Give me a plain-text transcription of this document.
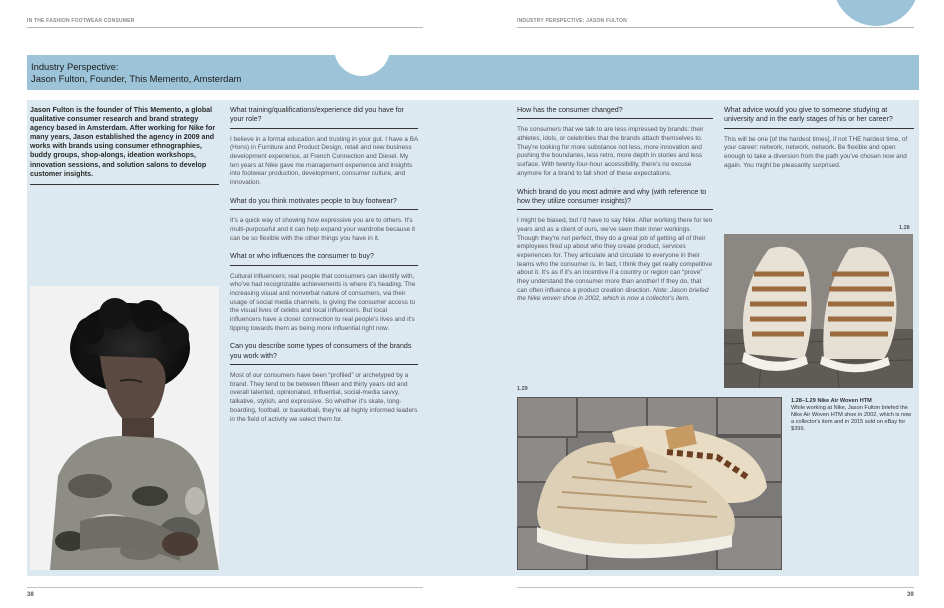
IN THE FASHION FOOTWEAR CONSUMER	INDUSTRY PERSPECTIVE: JASON FULTON
Industry Perspective:
Jason Fulton, Founder, This Memento, Amsterdam
Jason Fulton is the founder of This Memento, a global qualitative consumer research and brand strategy agency based in Amsterdam. After working for Nike for many years, Jason established the agency in 2009 and works with brands using consumer ethnographies, buddy groups, shop-alongs, ideation workshops, innovation sessions, and solution salons to develop customer insights.
What training/qualifications/experience did you have for your role?
I believe in a formal education and trusting in your gut. I have a BA (Hons) in Furniture and Product Design, retail and new business development experience, at French Connection and Diesel. My ten years at Nike gave me management experience and insights into footwear production, development, consumer culture, and innovation.
What do you think motivates people to buy footwear?
It's a quick way of showing how expressive you are to others. It's multi-purposeful and it can help expand your wardrobe because it can be so flexible with the other things you have in it.
What or who influences the consumer to buy?
Cultural influencers; real people that consumers can identify with, who've had recognizable achievements is where it's heading. The increasing visual and nonverbal nature of consumers, via their usage of social media channels, is giving the consumer access to the visual lives of celebs and local influencers. But local influencers have a closer connection to real people's lives and it's tipping towards them as being more influential right now.
Can you describe some types of consumers of the brands you work with?
Most of our consumers have been “profiled” or archetyped by a brand. They tend to be between fifteen and thirty years old and overall talented, opinionated, influential, social-media savvy, talkative, stylish, and expressive. So whether it's skate, long-boarding, football, or basketball, they're all highly informed leaders in the field of activity we select them for.
How has the consumer changed?
The consumers that we talk to are less impressed by brands: their athletes, idols, or celebrities that the brands attach themselves to. They're looking for more substance not less, more innovation and pushing the boundaries, less retro, more depth in stories and less surface. With twenty-four-hour accessibility, there's no excuse anymore for a brand to fall short of these expectations.
Which brand do you most admire and why (with reference to how they utilize consumer insights)?
I might be biased, but I'd have to say Nike. After working there for ten years and as a client of ours, we've seen their inner workings. Though they're not perfect, they do a great job of getting all of their employees fired up about who they create product, services experiences for. They articulate and circulate to everyone in their teams who the consumer is. In fact, I think they get really competitive about it. It's as if it's an incentive if a country or region can “prove” they understand the consumer more than another! If they do, that can often influence a product creation direction. Note: Jason briefed the Nike woven shoe in 2002, which is now a collector's item.
What advice would you give to someone studying at university and in the early stages of his or her career?
This will be one [of the hardest times], if not THE hardest time, of your career: network, network, network. Be flexible and open enough to take a diversion from the path you've chosen now and again. You might be pleasantly surprised.
1.28
1.29
1.28–1.29 Nike Air Woven HTM
While working at Nike, Jason Fulton briefed the Nike Air Woven HTM shoe in 2002, which is now a collector's item and in 2015 sold on eBay for $399.
38	39
